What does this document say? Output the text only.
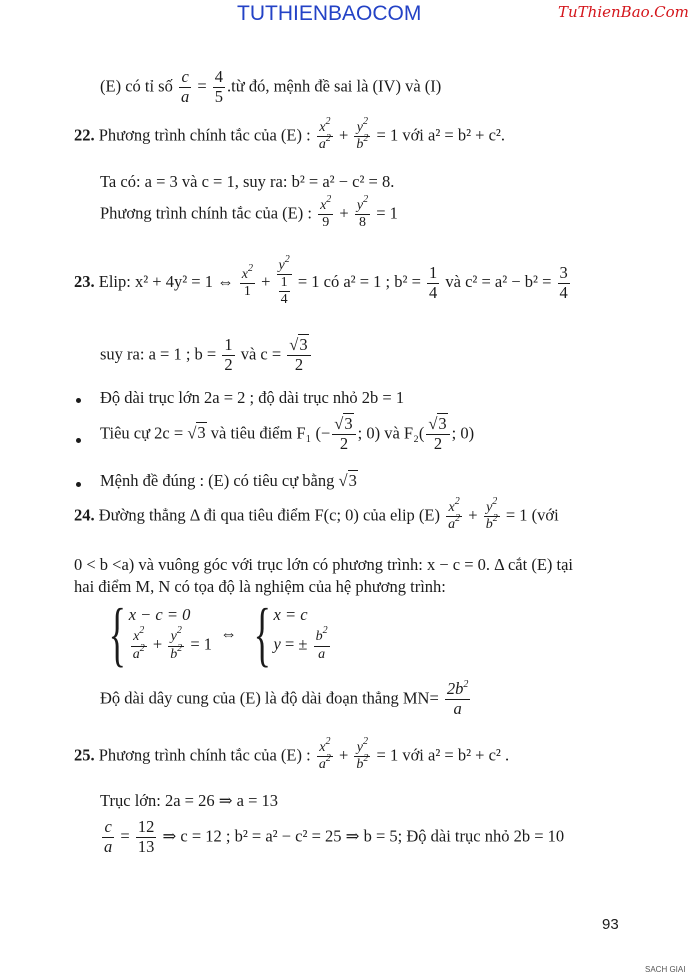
TUTHIENBAOCOM	TuThienBao.Com
(E) có tỉ số $\frac{c}{a} = \frac{4}{5}$ .từ đó, mệnh đề sai là (IV) và (I)
22. Phương trình chính tắc của (E) : $\frac{x^2}{a^2} + \frac{y^2}{b^2} = 1$ với a² = b² + c².
Ta có: a = 3 và c = 1, suy ra: b² = a² − c² = 8.
Phương trình chính tắc của (E) : $\frac{x^2}{9} + \frac{y^2}{8} = 1$
23. Elip: x² + 4y² = 1 ⇔ $\frac{x^2}{1} + \frac{y^2}{\frac{1}{4}} = 1$ có a² = 1 ; $b^2 = \frac{1}{4}$ và $c^2 = a^2 - b^2 = \frac{3}{4}$
suy ra: a = 1 ; $b = \frac{1}{2}$ và $c = \frac{√3}{2}$
Độ dài trục lớn 2a = 2 ; độ dài trục nhỏ 2b = 1
Tiêu cự 2c = √3 và tiêu điểm F₁ (− $\frac{√3}{2}$ ; 0) và $F_2( \frac{√3}{2}$ ; 0)
Mệnh đề đúng : (E) có tiêu cự bằng √3
24. Đường thẳng Δ đi qua tiêu điểm F(c; 0) của elip $(E) \frac{x^2}{a^2} + \frac{y^2}{b^2} = 1$ (với
0 < b <a) và vuông góc với trục lớn có phương trình: x − c = 0. Δ cắt (E) tại
hai điểm M, N có tọa độ là nghiệm của hệ phương trình:
{ x − c = 0
$\frac{x^2}{a^2} + \frac{y^2}{b^2} = 1$
⇔ { x = c
y = ± $\frac{b^2}{a}$
Độ dài dây cung của (E) là độ dài đoạn thẳng $MN= \frac{2b^2}{a}$
25. Phương trình chính tắc của (E) : $\frac{x^2}{a^2} + \frac{y^2}{b^2} = 1$ với a² = b² + c² .
Trục lớn: 2a = 26 ⇒ a = 13
$\frac{c}{a} = \frac{12}{13}$ ⇒ c = 12 ; b² = a² − c² = 25 ⇒ b = 5; Độ dài trục nhỏ 2b = 10
93
SACH GIAI
